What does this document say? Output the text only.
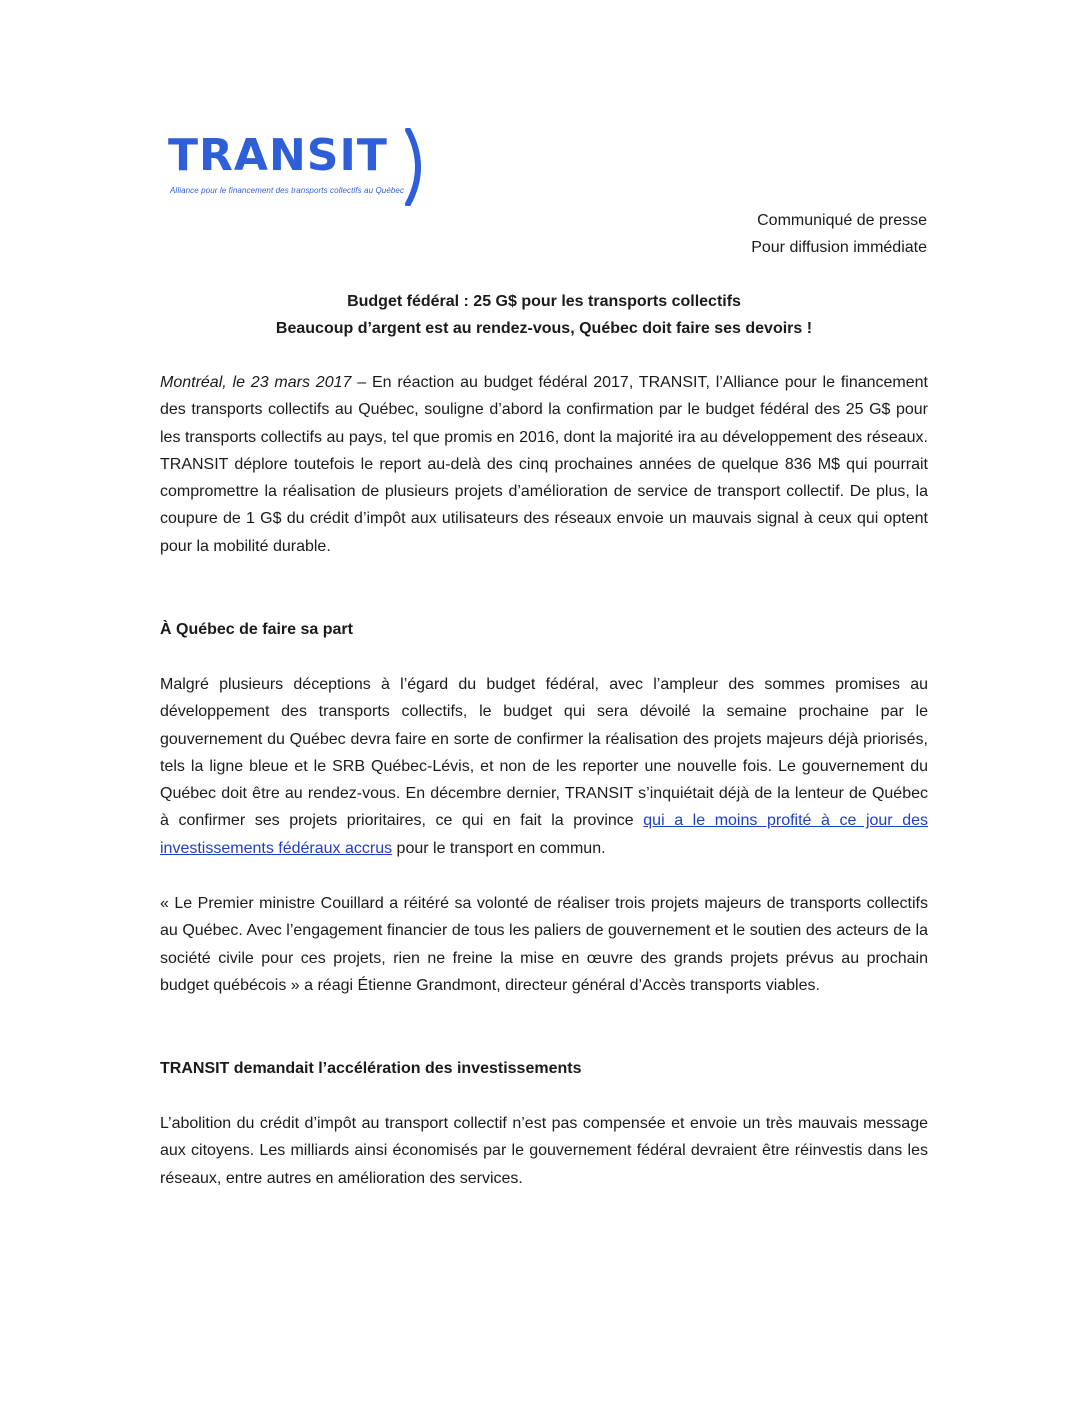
TRANSIT
Alliance pour le financement des transports collectifs au Québec
Communiqué de presse
Pour diffusion immédiate
Budget fédéral : 25 G$ pour les transports collectifs
Beaucoup d’argent est au rendez-vous, Québec doit faire ses devoirs !

Montréal, le 23 mars 2017 – En réaction au budget fédéral 2017, TRANSIT, l’Alliance pour le financement des transports collectifs au Québec, souligne d’abord la confirmation par le budget fédéral des 25 G$ pour les transports collectifs au pays, tel que promis en 2016, dont la majorité ira au développement des réseaux. TRANSIT déplore toutefois le report au-delà des cinq prochaines années de quelque 836 M$ qui pourrait compromettre la réalisation de plusieurs projets d’amélioration de service de transport collectif. De plus, la coupure de 1 G$ du crédit d’impôt aux utilisateurs des réseaux envoie un mauvais signal à ceux qui optent pour la mobilité durable.

À Québec de faire sa part

Malgré plusieurs déceptions à l’égard du budget fédéral, avec l’ampleur des sommes promises au développement des transports collectifs, le budget qui sera dévoilé la semaine prochaine par le gouvernement du Québec devra faire en sorte de confirmer la réalisation des projets majeurs déjà priorisés, tels la ligne bleue et le SRB Québec-Lévis, et non de les reporter une nouvelle fois. Le gouvernement du Québec doit être au rendez-vous. En décembre dernier, TRANSIT s’inquiétait déjà de la lenteur de Québec à confirmer ses projets prioritaires, ce qui en fait la province qui a le moins profité à ce jour des investissements fédéraux accrus pour le transport en commun.

« Le Premier ministre Couillard a réitéré sa volonté de réaliser trois projets majeurs de transports collectifs au Québec. Avec l’engagement financier de tous les paliers de gouvernement et le soutien des acteurs de la société civile pour ces projets, rien ne freine la mise en œuvre des grands projets prévus au prochain budget québécois » a réagi Étienne Grandmont, directeur général d’Accès transports viables.

TRANSIT demandait l’accélération des investissements

L’abolition du crédit d’impôt au transport collectif n’est pas compensée et envoie un très mauvais message aux citoyens. Les milliards ainsi économisés par le gouvernement fédéral devraient être réinvestis dans les réseaux, entre autres en amélioration des services.
